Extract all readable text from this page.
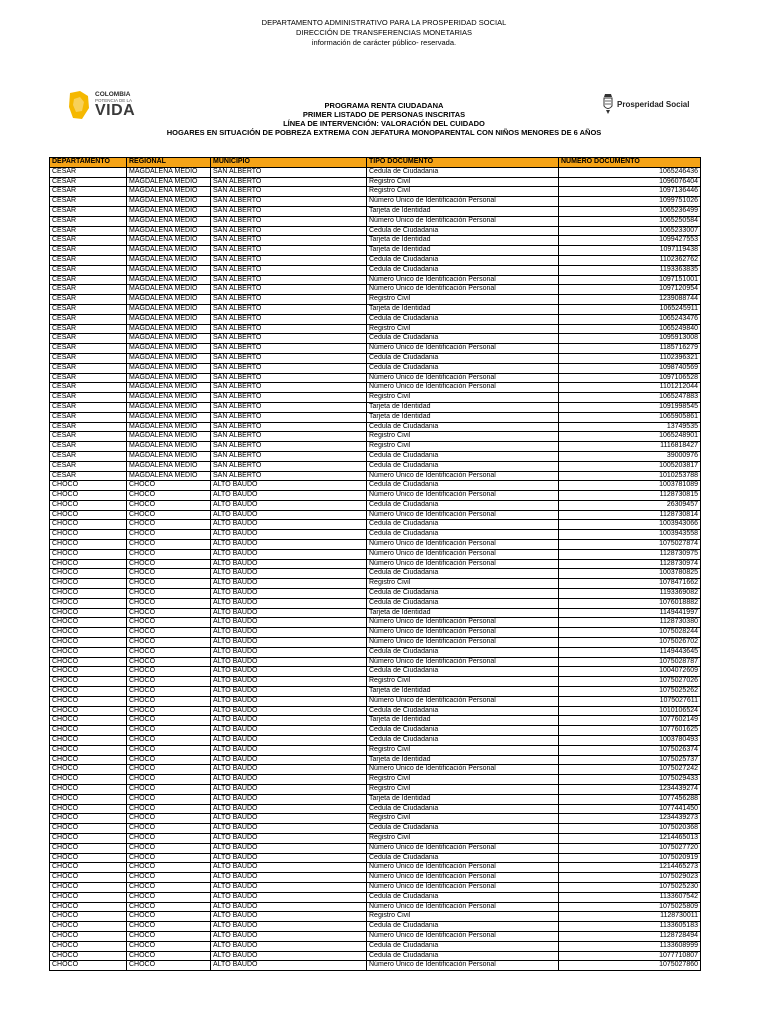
DEPARTAMENTO ADMINISTRATIVO PARA LA PROSPERIDAD SOCIAL
DIRECCIÓN DE TRANSFERENCIAS MONETARIAS
información de carácter público- reservada.
COLOMBIA
POTENCIA DE LA
VIDA	Prosperidad Social
PROGRAMA RENTA CIUDADANA
PRIMER LISTADO DE PERSONAS INSCRITAS
LÍNEA DE INTERVENCIÓN: VALORACIÓN DEL CUIDADO
HOGARES EN SITUACIÓN DE POBREZA EXTREMA CON JEFATURA MONOPARENTAL CON NIÑOS MENORES DE 6 AÑOS
DEPARTAMENTO	REGIONAL	MUNICIPIO	TIPO DOCUMENTO	NUMERO DOCUMENTO
CESAR	MAGDALENA MEDIO	SAN ALBERTO	Cedula de Ciudadania	1065246436
CESAR	MAGDALENA MEDIO	SAN ALBERTO	Registro Civil	1096076404
CESAR	MAGDALENA MEDIO	SAN ALBERTO	Registro Civil	1097136446
CESAR	MAGDALENA MEDIO	SAN ALBERTO	Número Único de Identificación Personal	1099751026
CESAR	MAGDALENA MEDIO	SAN ALBERTO	Tarjeta de Identidad	1065236499
CESAR	MAGDALENA MEDIO	SAN ALBERTO	Número Único de Identificación Personal	1065250584
CESAR	MAGDALENA MEDIO	SAN ALBERTO	Cedula de Ciudadania	1065233007
CESAR	MAGDALENA MEDIO	SAN ALBERTO	Tarjeta de Identidad	1099427553
CESAR	MAGDALENA MEDIO	SAN ALBERTO	Tarjeta de Identidad	1097119438
CESAR	MAGDALENA MEDIO	SAN ALBERTO	Cedula de Ciudadania	1102362762
CESAR	MAGDALENA MEDIO	SAN ALBERTO	Cedula de Ciudadania	1193363835
CESAR	MAGDALENA MEDIO	SAN ALBERTO	Número Único de Identificación Personal	1097151001
CESAR	MAGDALENA MEDIO	SAN ALBERTO	Número Único de Identificación Personal	1097120954
CESAR	MAGDALENA MEDIO	SAN ALBERTO	Registro Civil	1239088744
CESAR	MAGDALENA MEDIO	SAN ALBERTO	Tarjeta de Identidad	1065245911
CESAR	MAGDALENA MEDIO	SAN ALBERTO	Cedula de Ciudadania	1065243476
CESAR	MAGDALENA MEDIO	SAN ALBERTO	Registro Civil	1065249840
CESAR	MAGDALENA MEDIO	SAN ALBERTO	Cedula de Ciudadania	1095913008
CESAR	MAGDALENA MEDIO	SAN ALBERTO	Número Único de Identificación Personal	1185716279
CESAR	MAGDALENA MEDIO	SAN ALBERTO	Cedula de Ciudadania	1102396321
CESAR	MAGDALENA MEDIO	SAN ALBERTO	Cedula de Ciudadania	1098740569
CESAR	MAGDALENA MEDIO	SAN ALBERTO	Número Único de Identificación Personal	1097106528
CESAR	MAGDALENA MEDIO	SAN ALBERTO	Número Único de Identificación Personal	1101212044
CESAR	MAGDALENA MEDIO	SAN ALBERTO	Registro Civil	1065247883
CESAR	MAGDALENA MEDIO	SAN ALBERTO	Tarjeta de Identidad	1091998545
CESAR	MAGDALENA MEDIO	SAN ALBERTO	Tarjeta de Identidad	1065905861
CESAR	MAGDALENA MEDIO	SAN ALBERTO	Cedula de Ciudadania	13749535
CESAR	MAGDALENA MEDIO	SAN ALBERTO	Registro Civil	1065248901
CESAR	MAGDALENA MEDIO	SAN ALBERTO	Registro Civil	1116818427
CESAR	MAGDALENA MEDIO	SAN ALBERTO	Cedula de Ciudadania	39000976
CESAR	MAGDALENA MEDIO	SAN ALBERTO	Cedula de Ciudadania	1005203817
CESAR	MAGDALENA MEDIO	SAN ALBERTO	Número Único de Identificación Personal	1010253788
CHOCÓ	CHOCÓ	ALTO BAUDÓ	Cedula de Ciudadania	1003781089
CHOCÓ	CHOCÓ	ALTO BAUDÓ	Número Único de Identificación Personal	1128730815
CHOCÓ	CHOCÓ	ALTO BAUDÓ	Cedula de Ciudadania	26309457
CHOCÓ	CHOCÓ	ALTO BAUDÓ	Número Único de Identificación Personal	1128730814
CHOCÓ	CHOCÓ	ALTO BAUDÓ	Cedula de Ciudadania	1003943066
CHOCÓ	CHOCÓ	ALTO BAUDÓ	Cedula de Ciudadania	1003943558
CHOCÓ	CHOCÓ	ALTO BAUDÓ	Número Único de Identificación Personal	1075027874
CHOCÓ	CHOCÓ	ALTO BAUDÓ	Número Único de Identificación Personal	1128730975
CHOCÓ	CHOCÓ	ALTO BAUDÓ	Número Único de Identificación Personal	1128730974
CHOCÓ	CHOCÓ	ALTO BAUDÓ	Cedula de Ciudadania	1003780825
CHOCÓ	CHOCÓ	ALTO BAUDÓ	Registro Civil	1078471662
CHOCÓ	CHOCÓ	ALTO BAUDÓ	Cedula de Ciudadania	1193369082
CHOCÓ	CHOCÓ	ALTO BAUDÓ	Cedula de Ciudadania	1076018882
CHOCÓ	CHOCÓ	ALTO BAUDÓ	Tarjeta de Identidad	1149441997
CHOCÓ	CHOCÓ	ALTO BAUDÓ	Número Único de Identificación Personal	1128730380
CHOCÓ	CHOCÓ	ALTO BAUDÓ	Número Único de Identificación Personal	1075028244
CHOCÓ	CHOCÓ	ALTO BAUDÓ	Número Único de Identificación Personal	1075026702
CHOCÓ	CHOCÓ	ALTO BAUDÓ	Cedula de Ciudadania	1149443645
CHOCÓ	CHOCÓ	ALTO BAUDÓ	Número Único de Identificación Personal	1075028787
CHOCÓ	CHOCÓ	ALTO BAUDÓ	Cedula de Ciudadania	1004072609
CHOCÓ	CHOCÓ	ALTO BAUDÓ	Registro Civil	1075027026
CHOCÓ	CHOCÓ	ALTO BAUDÓ	Tarjeta de Identidad	1075025262
CHOCÓ	CHOCÓ	ALTO BAUDÓ	Número Único de Identificación Personal	1075027611
CHOCÓ	CHOCÓ	ALTO BAUDÓ	Cedula de Ciudadania	1010106524
CHOCÓ	CHOCÓ	ALTO BAUDÓ	Tarjeta de Identidad	1077602149
CHOCÓ	CHOCÓ	ALTO BAUDÓ	Cedula de Ciudadania	1077601625
CHOCÓ	CHOCÓ	ALTO BAUDÓ	Cedula de Ciudadania	1003780493
CHOCÓ	CHOCÓ	ALTO BAUDÓ	Registro Civil	1075026374
CHOCÓ	CHOCÓ	ALTO BAUDÓ	Tarjeta de Identidad	1075025737
CHOCÓ	CHOCÓ	ALTO BAUDÓ	Número Único de Identificación Personal	1075027242
CHOCÓ	CHOCÓ	ALTO BAUDÓ	Registro Civil	1075029433
CHOCÓ	CHOCÓ	ALTO BAUDÓ	Registro Civil	1234439274
CHOCÓ	CHOCÓ	ALTO BAUDÓ	Tarjeta de Identidad	1077456288
CHOCÓ	CHOCÓ	ALTO BAUDÓ	Cedula de Ciudadania	1077441450
CHOCÓ	CHOCÓ	ALTO BAUDÓ	Registro Civil	1234439273
CHOCÓ	CHOCÓ	ALTO BAUDÓ	Cedula de Ciudadania	1075020368
CHOCÓ	CHOCÓ	ALTO BAUDÓ	Registro Civil	1214465013
CHOCÓ	CHOCÓ	ALTO BAUDÓ	Número Único de Identificación Personal	1075027720
CHOCÓ	CHOCÓ	ALTO BAUDÓ	Cedula de Ciudadania	1075020919
CHOCÓ	CHOCÓ	ALTO BAUDÓ	Número Único de Identificación Personal	1214465273
CHOCÓ	CHOCÓ	ALTO BAUDÓ	Número Único de Identificación Personal	1075029023
CHOCÓ	CHOCÓ	ALTO BAUDÓ	Número Único de Identificación Personal	1075025230
CHOCÓ	CHOCÓ	ALTO BAUDÓ	Cedula de Ciudadania	1133607542
CHOCÓ	CHOCÓ	ALTO BAUDÓ	Número Único de Identificación Personal	1075025809
CHOCÓ	CHOCÓ	ALTO BAUDÓ	Registro Civil	1128730011
CHOCÓ	CHOCÓ	ALTO BAUDÓ	Cedula de Ciudadania	1133605183
CHOCÓ	CHOCÓ	ALTO BAUDÓ	Número Único de Identificación Personal	1128728494
CHOCÓ	CHOCÓ	ALTO BAUDÓ	Cedula de Ciudadania	1133608999
CHOCÓ	CHOCÓ	ALTO BAUDÓ	Cedula de Ciudadania	1077710807
CHOCÓ	CHOCÓ	ALTO BAUDÓ	Número Único de Identificación Personal	1075027860
